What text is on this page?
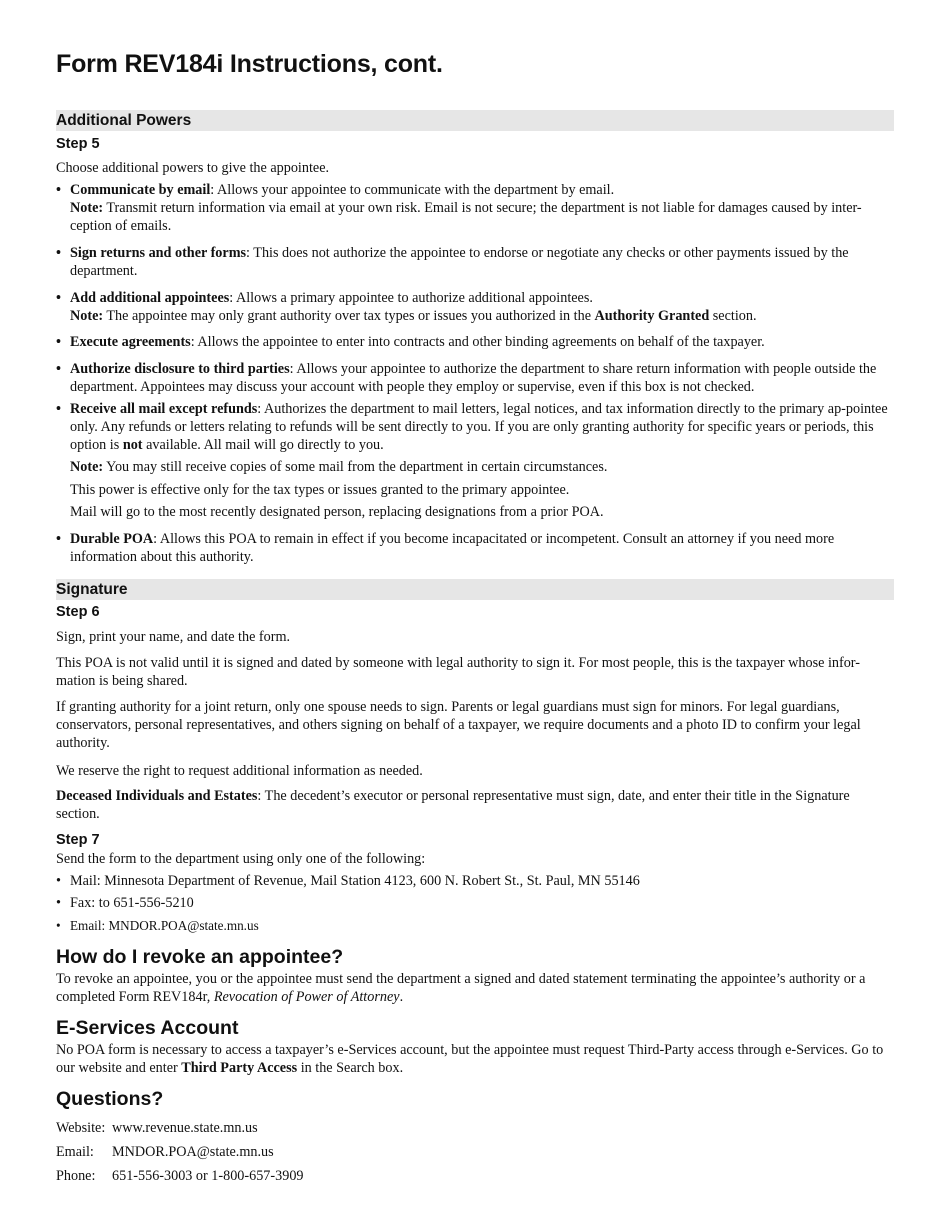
Form REV184i Instructions, cont.
Additional Powers
Step 5
Choose additional powers to give the appointee.
• Communicate by email: Allows your appointee to communicate with the department by email.
Note: Transmit return information via email at your own risk. Email is not secure; the department is not liable for damages caused by inter-ception of emails.
• Sign returns and other forms: This does not authorize the appointee to endorse or negotiate any checks or other payments issued by the department.
• Add additional appointees: Allows a primary appointee to authorize additional appointees.
Note: The appointee may only grant authority over tax types or issues you authorized in the Authority Granted section.
• Execute agreements: Allows the appointee to enter into contracts and other binding agreements on behalf of the taxpayer.
• Authorize disclosure to third parties: Allows your appointee to authorize the department to share return information with people outside the department. Appointees may discuss your account with people they employ or supervise, even if this box is not checked.
• Receive all mail except refunds: Authorizes the department to mail letters, legal notices, and tax information directly to the primary ap-pointee only. Any refunds or letters relating to refunds will be sent directly to you. If you are only granting authority for specific years or periods, this option is not available. All mail will go directly to you.
Note: You may still receive copies of some mail from the department in certain circumstances.
This power is effective only for the tax types or issues granted to the primary appointee.
Mail will go to the most recently designated person, replacing designations from a prior POA.
• Durable POA: Allows this POA to remain in effect if you become incapacitated or incompetent. Consult an attorney if you need more information about this authority.
Signature
Step 6
Sign, print your name, and date the form.
This POA is not valid until it is signed and dated by someone with legal authority to sign it. For most people, this is the taxpayer whose infor-mation is being shared.
If granting authority for a joint return, only one spouse needs to sign. Parents or legal guardians must sign for minors. For legal guardians, conservators, personal representatives, and others signing on behalf of a taxpayer, we require documents and a photo ID to confirm your legal authority.
We reserve the right to request additional information as needed.
Deceased Individuals and Estates: The decedent’s executor or personal representative must sign, date, and enter their title in the Signature section.
Step 7
Send the form to the department using only one of the following:
• Mail: Minnesota Department of Revenue, Mail Station 4123, 600 N. Robert St., St. Paul, MN 55146
• Fax: to 651-556-5210
• Email: MNDOR.POA@state.mn.us
How do I revoke an appointee?
To revoke an appointee, you or the appointee must send the department a signed and dated statement terminating the appointee’s authority or a completed Form REV184r, Revocation of Power of Attorney.
E-Services Account
No POA form is necessary to access a taxpayer’s e-Services account, but the appointee must request Third-Party access through e-Services. Go to our website and enter Third Party Access in the Search box.
Questions?
Website: www.revenue.state.mn.us
Email: MNDOR.POA@state.mn.us
Phone: 651-556-3003 or 1-800-657-3909
